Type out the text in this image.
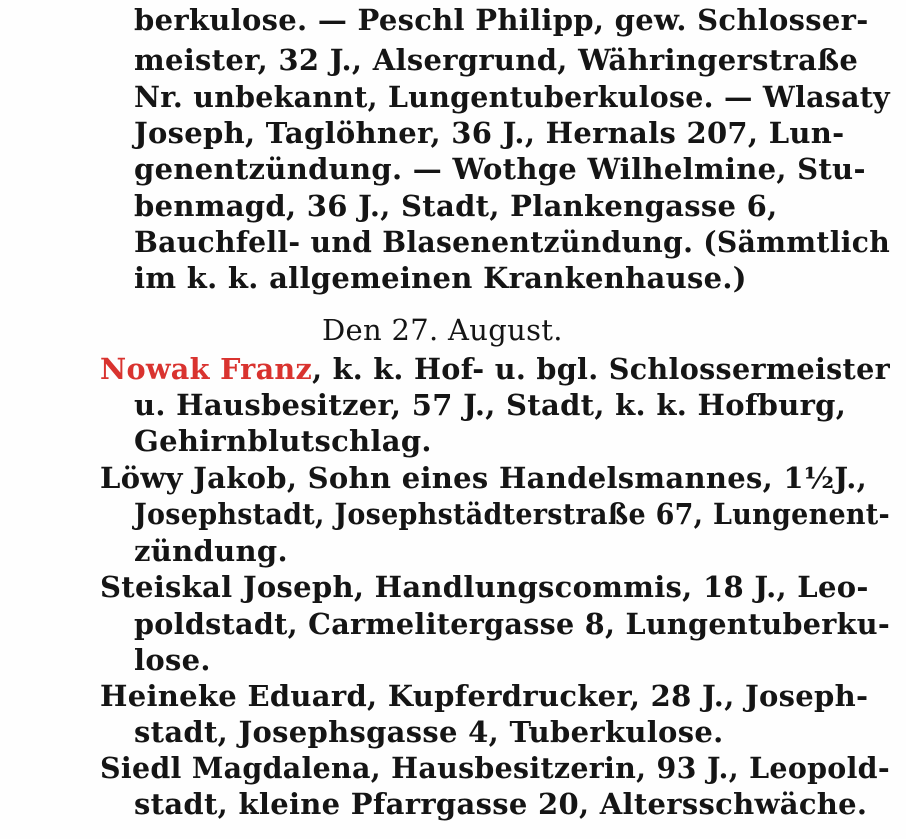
berkulose. — Peschl Philipp, gew. Schlosser-
meister, 32 J., Alsergrund, Währingerstraße
Nr. unbekannt, Lungentuberkulose. — Wlasaty
Joseph, Taglöhner, 36 J., Hernals 207, Lun-
genentzündung. — Wothge Wilhelmine, Stu-
benmagd, 36 J., Stadt, Plankengasse 6,
Bauchfell- und Blasenentzündung. (Sämmtlich
im k. k. allgemeinen Krankenhause.)
Den 27. August.
Nowak Franz, k. k. Hof- u. bgl. Schlossermeister
u. Hausbesitzer, 57 J., Stadt, k. k. Hofburg,
Gehirnblutschlag.
Löwy Jakob, Sohn eines Handelsmannes, 1½J.,
Josephstadt, Josephstädterstraße 67, Lungenent-
zündung.
Steiskal Joseph, Handlungscommis, 18 J., Leo-
poldstadt, Carmelitergasse 8, Lungentuberku-
lose.
Heineke Eduard, Kupferdrucker, 28 J., Joseph-
stadt, Josephsgasse 4, Tuberkulose.
Siedl Magdalena, Hausbesitzerin, 93 J., Leopold-
stadt, kleine Pfarrgasse 20, Altersschwäche.
